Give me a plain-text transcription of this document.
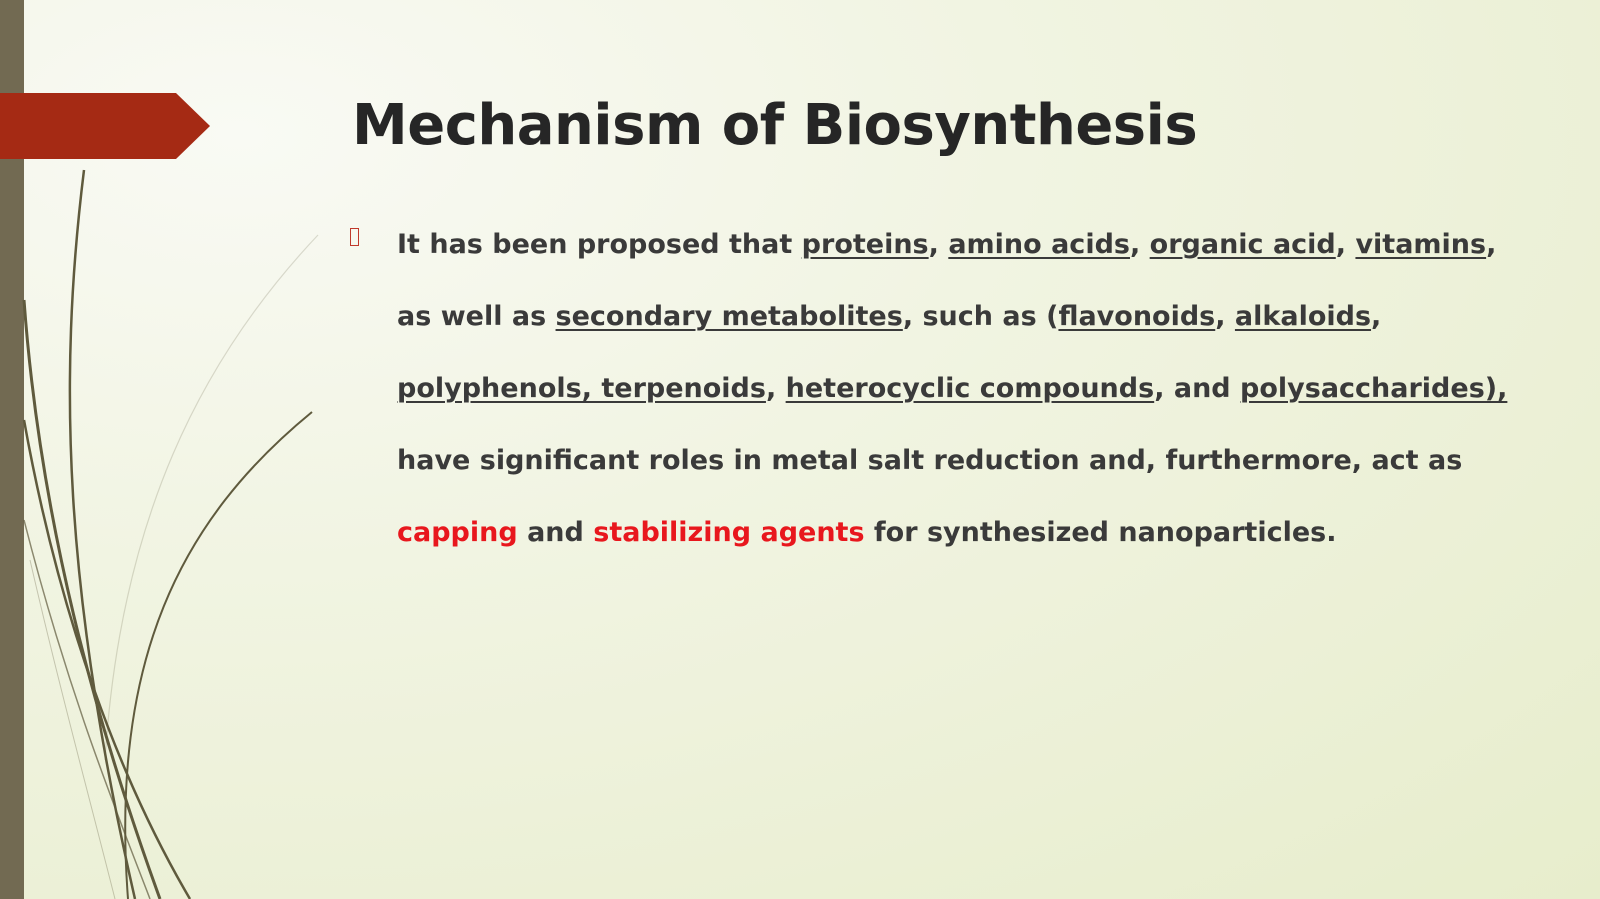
Mechanism of Biosynthesis

It has been proposed that proteins, amino acids, organic acid, vitamins,
as well as secondary metabolites, such as (flavonoids, alkaloids,
polyphenols, terpenoids, heterocyclic compounds, and polysaccharides),
have significant roles in metal salt reduction and, furthermore, act as
capping and stabilizing agents for synthesized nanoparticles.
